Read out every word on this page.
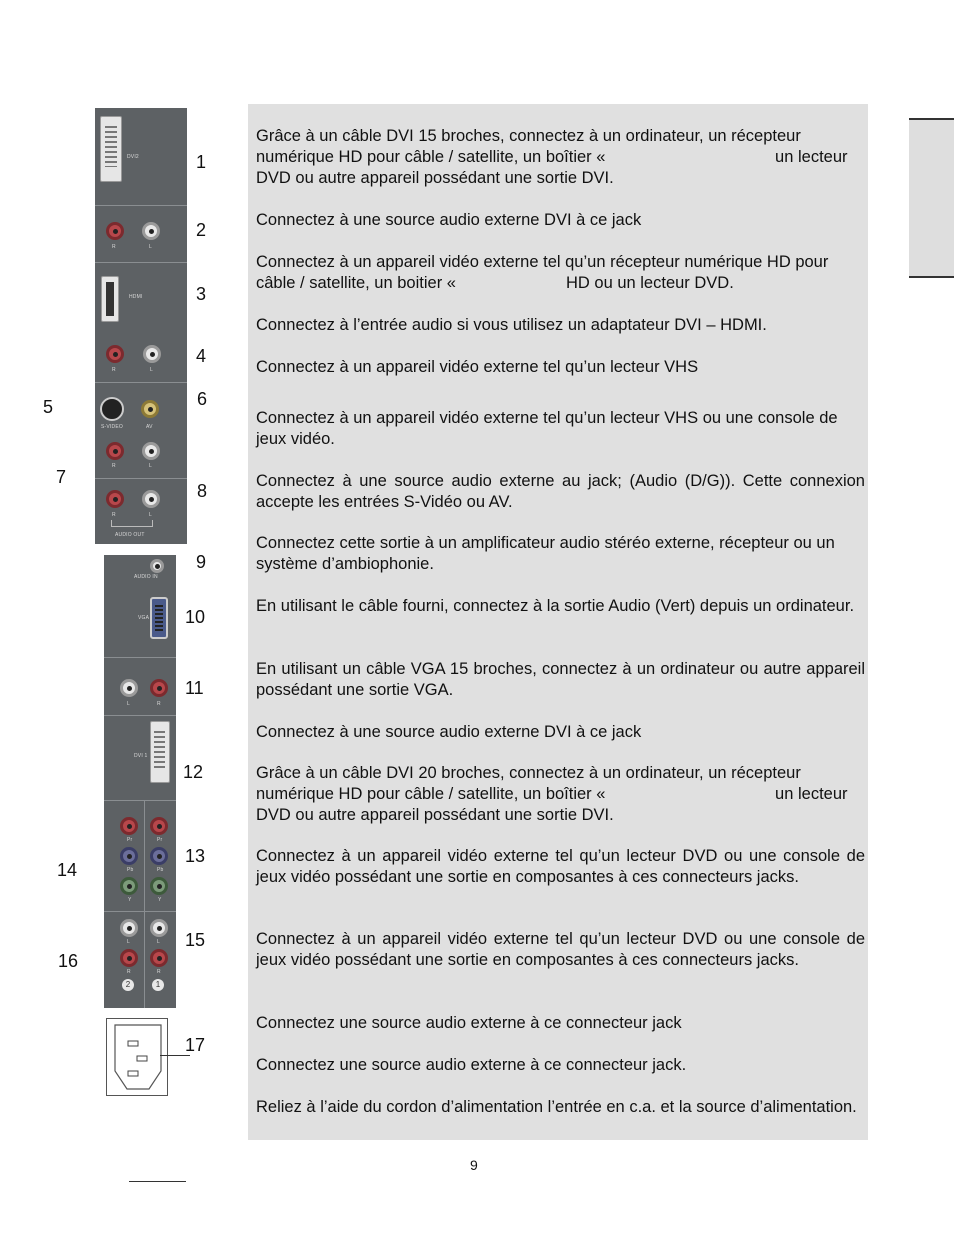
DVI2
R	L
HDMI
R	L
S-VIDEO	AV
R	L
R	L
AUDIO OUT
AUDIO IN
VGA
L	R
DVI 1
Pr
Pb
Y
Pr
Pb
Y
L
R
L
R
2	1
1
2
3
4
5	6
7
8
9
10
11
12
13
14
15
16
17

Grâce à un câble DVI 15 broches, connectez à un ordinateur, un récepteur numérique HD pour câble / satellite, un boîtier «                                     un lecteur DVD ou autre appareil possédant une sortie DVI.

Connectez à une source audio externe DVI à ce jack

Connectez à un appareil vidéo externe tel qu’un récepteur numérique HD pour câble / satellite, un boitier «                        HD ou un lecteur DVD.

Connectez à l’entrée audio si vous utilisez un adaptateur DVI – HDMI.

Connectez à un appareil vidéo externe tel qu’un lecteur VHS

Connectez à un appareil vidéo externe tel qu’un lecteur VHS ou une console de jeux vidéo.

Connectez à une source audio externe au jack; (Audio (D/G)). Cette connexion accepte les entrées S-Vidéo ou AV.

Connectez cette sortie à un amplificateur audio stéréo externe, récepteur ou un système d’ambiophonie.

En utilisant le câble fourni, connectez à la sortie Audio (Vert) depuis un ordinateur.

En utilisant un câble VGA 15 broches, connectez à un ordinateur ou autre appareil possédant une sortie VGA.

Connectez à une source audio externe DVI à ce jack

Grâce à un câble DVI 20 broches, connectez à un ordinateur, un récepteur numérique HD pour câble / satellite, un boîtier «                                     un lecteur DVD ou autre appareil possédant une sortie DVI.

Connectez à un appareil vidéo externe tel qu’un lecteur DVD ou une console de jeux vidéo possédant une sortie en composantes à ces connecteurs jacks.

Connectez à un appareil vidéo externe tel qu’un lecteur DVD ou une console de jeux vidéo possédant une sortie en composantes à ces connecteurs jacks.

Connectez une source audio externe à ce connecteur jack

Connectez une source audio externe à ce connecteur jack.

Reliez à l’aide du cordon d’alimentation l’entrée en c.a. et la source d’alimentation.

9
